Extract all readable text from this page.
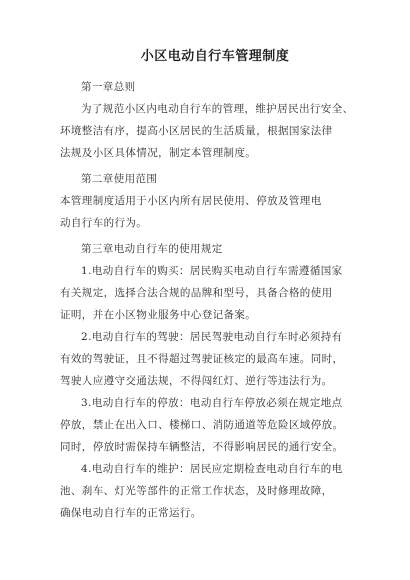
小区电动自行车管理制度
第一章总则
为了规范小区内电动自行车的管理，维护居民出行安全、
环境整洁有序，提高小区居民的生活质量，根据国家法律
法规及小区具体情况，制定本管理制度。
第二章使用范围
本管理制度适用于小区内所有居民使用、停放及管理电
动自行车的行为。
第三章电动自行车的使用规定
1.电动自行车的购买：居民购买电动自行车需遵循国家
有关规定，选择合法合规的品牌和型号，具备合格的使用
证明，并在小区物业服务中心登记备案。
2.电动自行车的驾驶：居民驾驶电动自行车时必须持有
有效的驾驶证，且不得超过驾驶证核定的最高车速。同时，
驾驶人应遵守交通法规，不得闯红灯、逆行等违法行为。
3.电动自行车的停放：电动自行车停放必须在规定地点
停放，禁止在出入口、楼梯口、消防通道等危险区域停放。
同时，停放时需保持车辆整洁，不得影响居民的通行安全。
4.电动自行车的维护：居民应定期检查电动自行车的电
池、刹车、灯光等部件的正常工作状态，及时修理故障，
确保电动自行车的正常运行。
